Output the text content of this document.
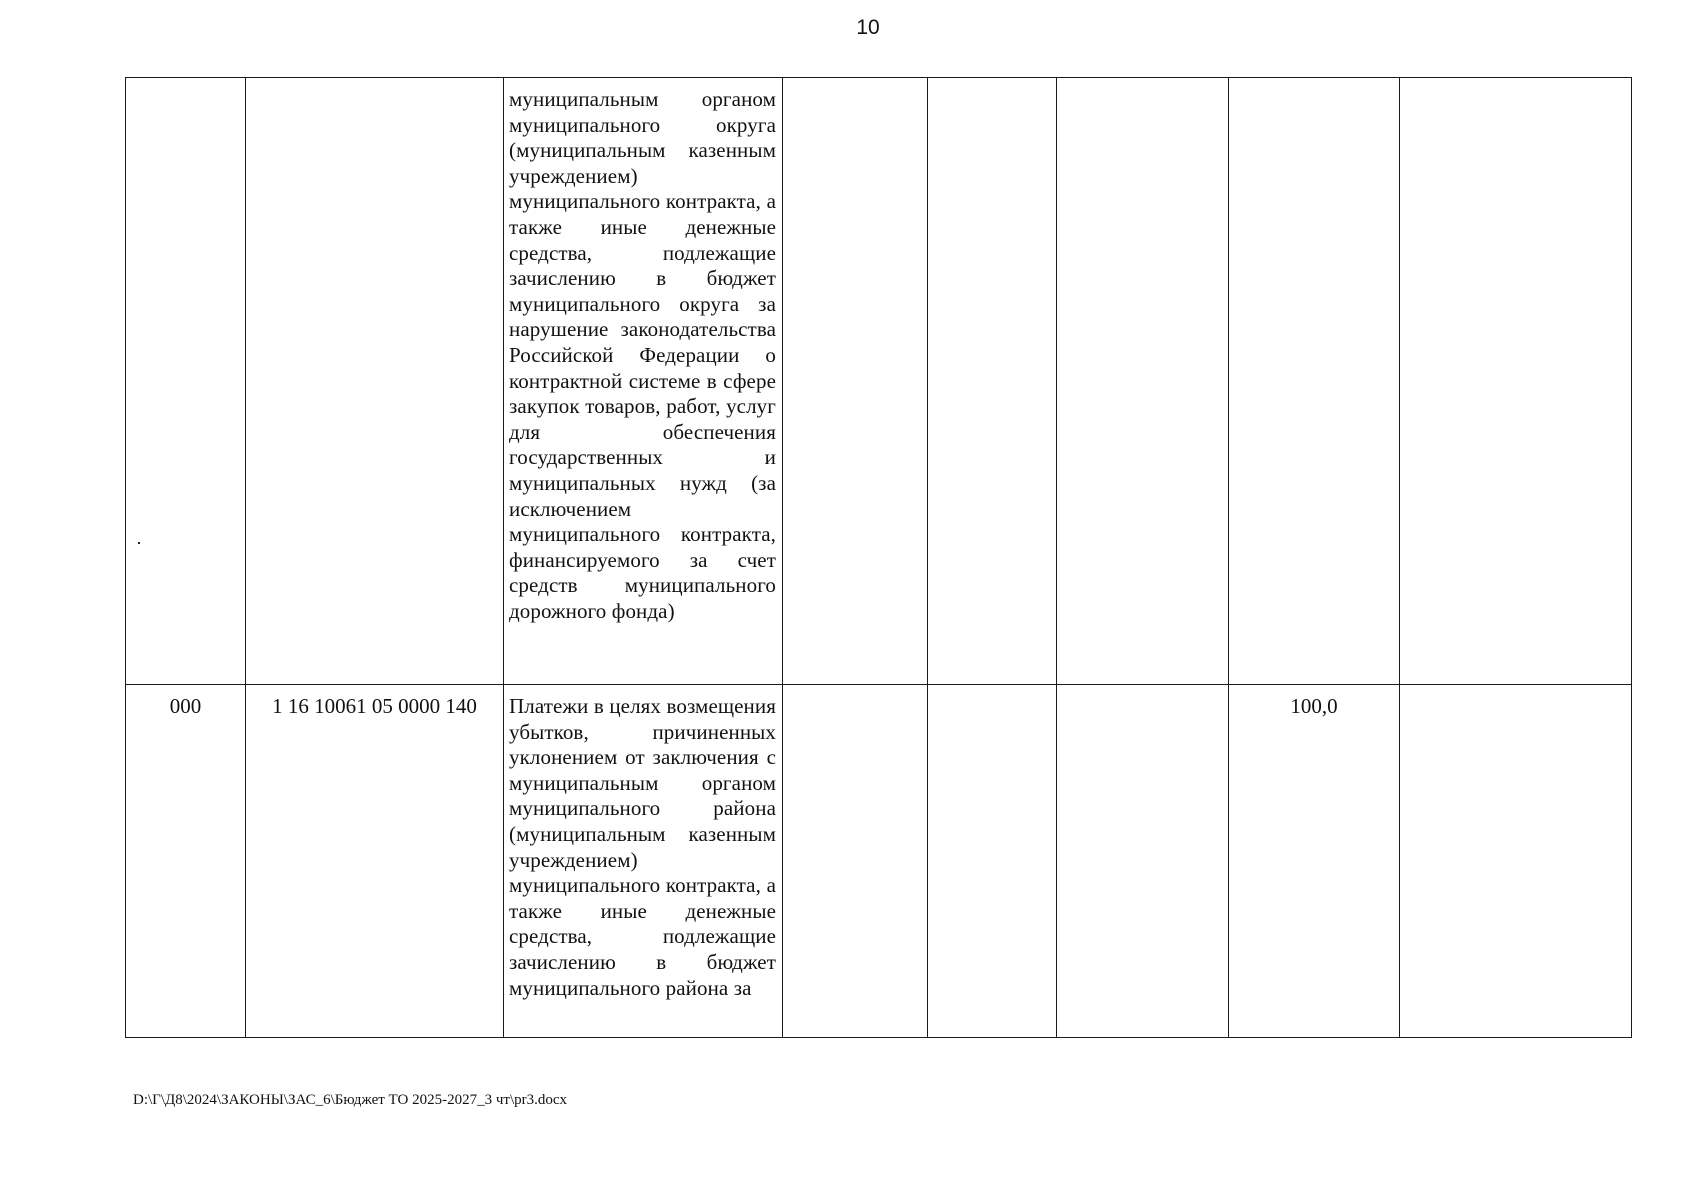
10

		муниципальным органом муниципального округа (муниципальным казенным учреждением) муниципального контракта, а также иные денежные средства, подлежащие зачислению в бюджет муниципального округа за нарушение законодательства Российской Федерации о контрактной системе в сфере закупок товаров, работ, услуг для обеспечения государственных и муниципальных нужд (за исключением муниципального контракта, финансируемого за счет средств муниципального дорожного фонда)					

000	1 16 10061 05 0000 140	Платежи в целях возмещения убытков, причиненных уклонением от заключения с муниципальным органом муниципального района (муниципальным казенным учреждением) муниципального контракта, а также иные денежные средства, подлежащие зачислению в бюджет муниципального района за				100,0	

D:\Г\Д8\2024\ЗАКОНЫ\ЗАС_6\Бюджет ТО 2025-2027_3 чт\pr3.docx
